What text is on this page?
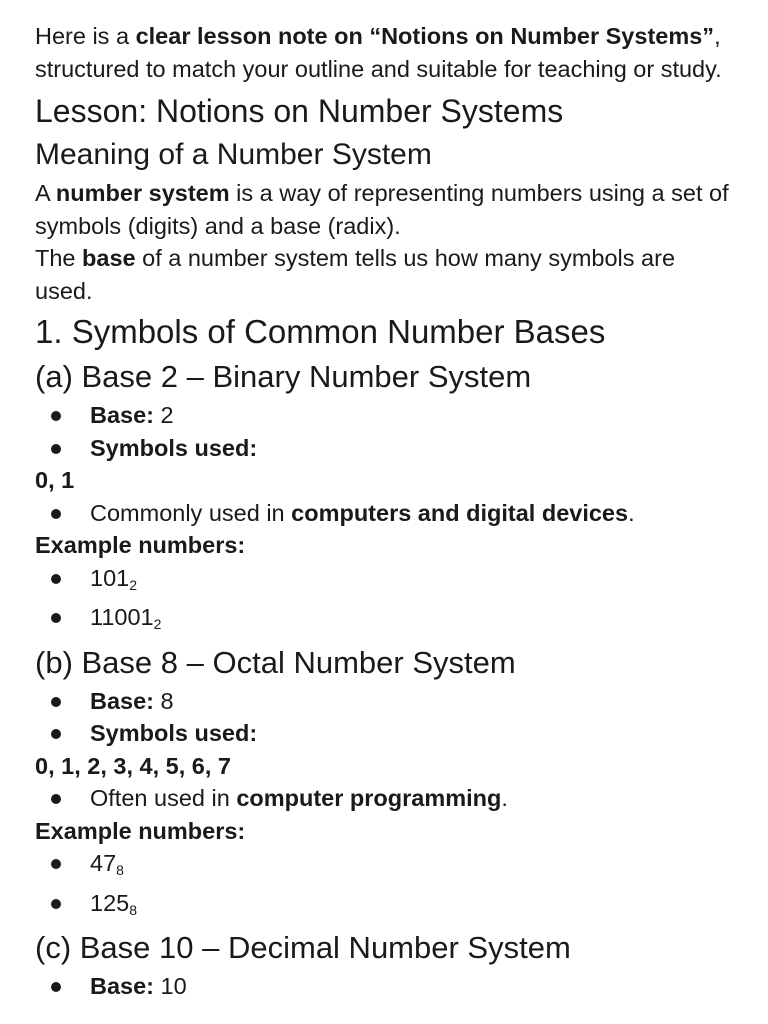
Here is a clear lesson note on “Notions on Number Systems”, structured to match your outline and suitable for teaching or study.

Lesson: Notions on Number Systems
Meaning of a Number System

A number system is a way of representing numbers using a set of symbols (digits) and a base (radix).

The base of a number system tells us how many symbols are used.

1. Symbols of Common Number Bases
(a) Base 2 – Binary Number System
Base: 2
Symbols used:
0, 1
Commonly used in computers and digital devices.
Example numbers:
1012
110012
(b) Base 8 – Octal Number System
Base: 8
Symbols used:
0, 1, 2, 3, 4, 5, 6, 7
Often used in computer programming.
Example numbers:
478
1258
(c) Base 10 – Decimal Number System
Base: 10
